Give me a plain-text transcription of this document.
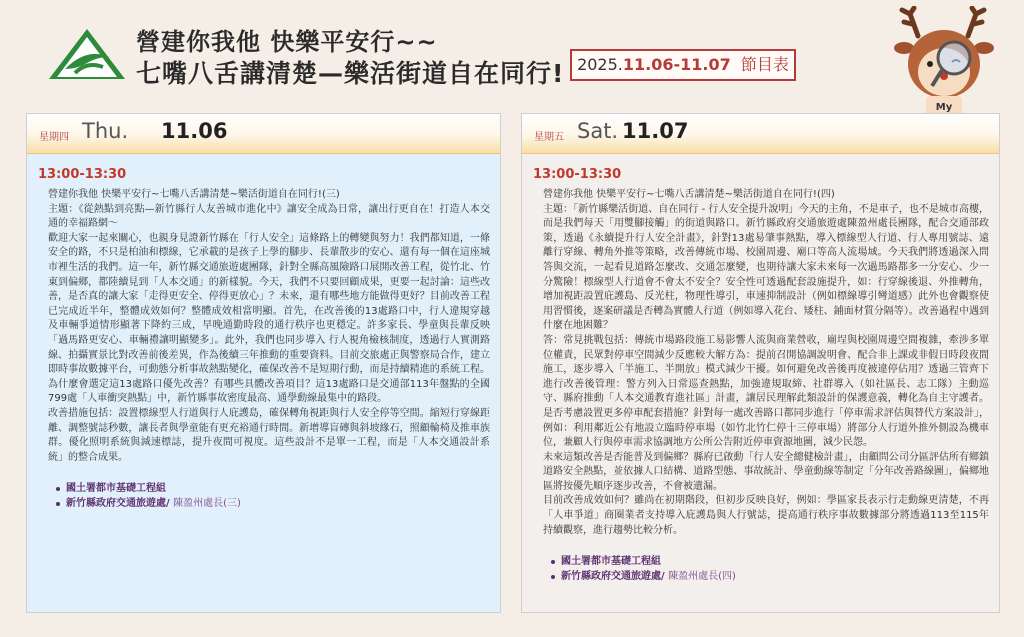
營建你我他 快樂平安行~~
七嘴八舌講清楚—樂活街道自在同行! 2025.11.06-11.07 節目表
My
星期四 Thu. 11.06
13:00-13:30
營建你我他 快樂平安行~七嘴八舌講清楚~樂活街道自在同行!(三)
主題：《從熱點到亮點—新竹縣行人友善城市進化中》讓安全成為日常，讓出行更自在！打造人本交通的幸福路網～
歡迎大家一起來關心，也親身見證新竹縣在「行人安全」這條路上的轉變與努力！我們都知道，一條安全的路，不只是柏油和標線，它承載的是孩子上學的腳步、長輩散步的安心、還有每一個在這座城市裡生活的我們。這一年，新竹縣交通旅遊處團隊，針對全縣高風險路口展開改善工程，從竹北、竹東到偏鄉，都陸續見到「人本交通」的新樣貌。今天，我們不只要回顧成果，更要一起討論：這些改善，是否真的讓大家「走得更安全、停得更放心」？未來，還有哪些地方能做得更好？目前改善工程已完成近半年，整體成效如何？整體成效相當明顯。首先，在改善後的13處路口中，行人違規穿越及車輛爭道情形顯著下降約三成，早晚通勤時段的通行秩序也更穩定。許多家長、學童與長輩反映「過馬路更安心、車輛禮讓明顯變多」。此外，我們也同步導入 行人視角檢核制度，透過行人實測路線、拍攝實景比對改善前後差異，作為後續三年推動的重要資料。目前交旅處正與警察局合作，建立即時事故數據平台，可動態分析事故熱點變化，確保改善不是短期行動，而是持續精進的系統工程。為什麼會選定這13處路口優先改善？有哪些具體改善項目？這13處路口是交通部113年盤點的全國799處「人車衝突熱點」中，新竹縣事故密度最高、通學動線最集中的路段。
改善措施包括：設置標線型人行道與行人庇護島，確保轉角視距與行人安全停等空間。縮短行穿線距離、調整號誌秒數，讓長者與學童能有更充裕通行時間。新增導盲磚與斜坡緣石，照顧輪椅及推車族群。優化照明系統與減速標誌，提升夜間可視度。這些設計不是單一工程，而是「人本交通設計系統」的整合成果。
國土署都市基礎工程組
新竹縣政府交通旅遊處/ 陳盈州處長(三)
星期五 Sat. 11.07
13:00-13:30
營建你我他 快樂平安行~七嘴八舌講清楚~樂活街道自在同行!(四)
主題：「新竹縣樂活街道、自在同行 - 行人安全提升說明」今天的主角，不是車子，也不是城市高樓，而是我們每天「用雙腳接觸」的街道與路口。新竹縣政府交通旅遊處陳盈州處長團隊，配合交通部政策，透過《永續提升行人安全計畫》，針對13處易肇事熱點，導入標線型人行道、行人專用號誌、遠離行穿線、轉角外推等策略，改善傳統市場、校園周邊、廟口等高人流場域。今天我們將透過深入問答與交流，一起看見道路怎麼改、交通怎麼變，也期待讓大家未來每一次過馬路都多一分安心、少一分驚險！標線型人行道會不會太不安全？安全性可透過配套設施提升，如：行穿線後退、外推轉角，增加視距設置庇護島、反光柱，物理性導引，車速抑制設計（例如標線導引彎道感）此外也會觀察使用習慣後，逐案研議是否轉為實體人行道（例如導入花台、矮柱、鋪面材質分隔等）。改善過程中遇到什麼在地困難？
答：常見挑戰包括：傳統市場路段施工易影響人流與商業營收，廟埕與校園周邊空間複雜，牽涉多單位權責，民眾對停車空間減少反應較大解方為：提前召開協調說明會、配合非上課或非假日時段夜間施工，逐步導入「半施工、半開放」模式減少干擾。如何避免改善後再度被違停佔用？透過三管齊下進行改善後管理：警方列入日常巡查熱點，加強違規取締、社群導入（如社區長、志工隊）主動巡守、縣府推動「人本交通教育進社區」計畫，讓居民理解此類設計的保護意義，轉化為自主守護者。是否考慮設置更多停車配套措施？針對每一處改善路口都同步進行「停車需求評估與替代方案設計」，例如：利用鄰近公有地設立臨時停車場（如竹北竹仁停十三停車場）將部分人行道外推外側設為機車位，兼顧人行與停車需求協調地方公所公告附近停車資源地圖，減少民怨。
未來這類改善是否能普及到偏鄉？縣府已啟動「行人安全總健檢計畫」，由顧問公司分區評估所有鄉鎮道路安全熱點，並依據人口結構、道路型態、事故統計、學童動線等制定「分年改善路線圖」，偏鄉地區將按優先順序逐步改善，不會被遺漏。
目前改善成效如何？雖尚在初期階段，但初步反映良好，例如：學區家長表示行走動線更清楚，不再「人車爭道」商圈業者支持導入庇護島與人行號誌，提高通行秩序事故數據部分將透過113至115年持續觀察，進行趨勢比較分析。
國土署都市基礎工程組
新竹縣政府交通旅遊處/ 陳盈州處長(四)
